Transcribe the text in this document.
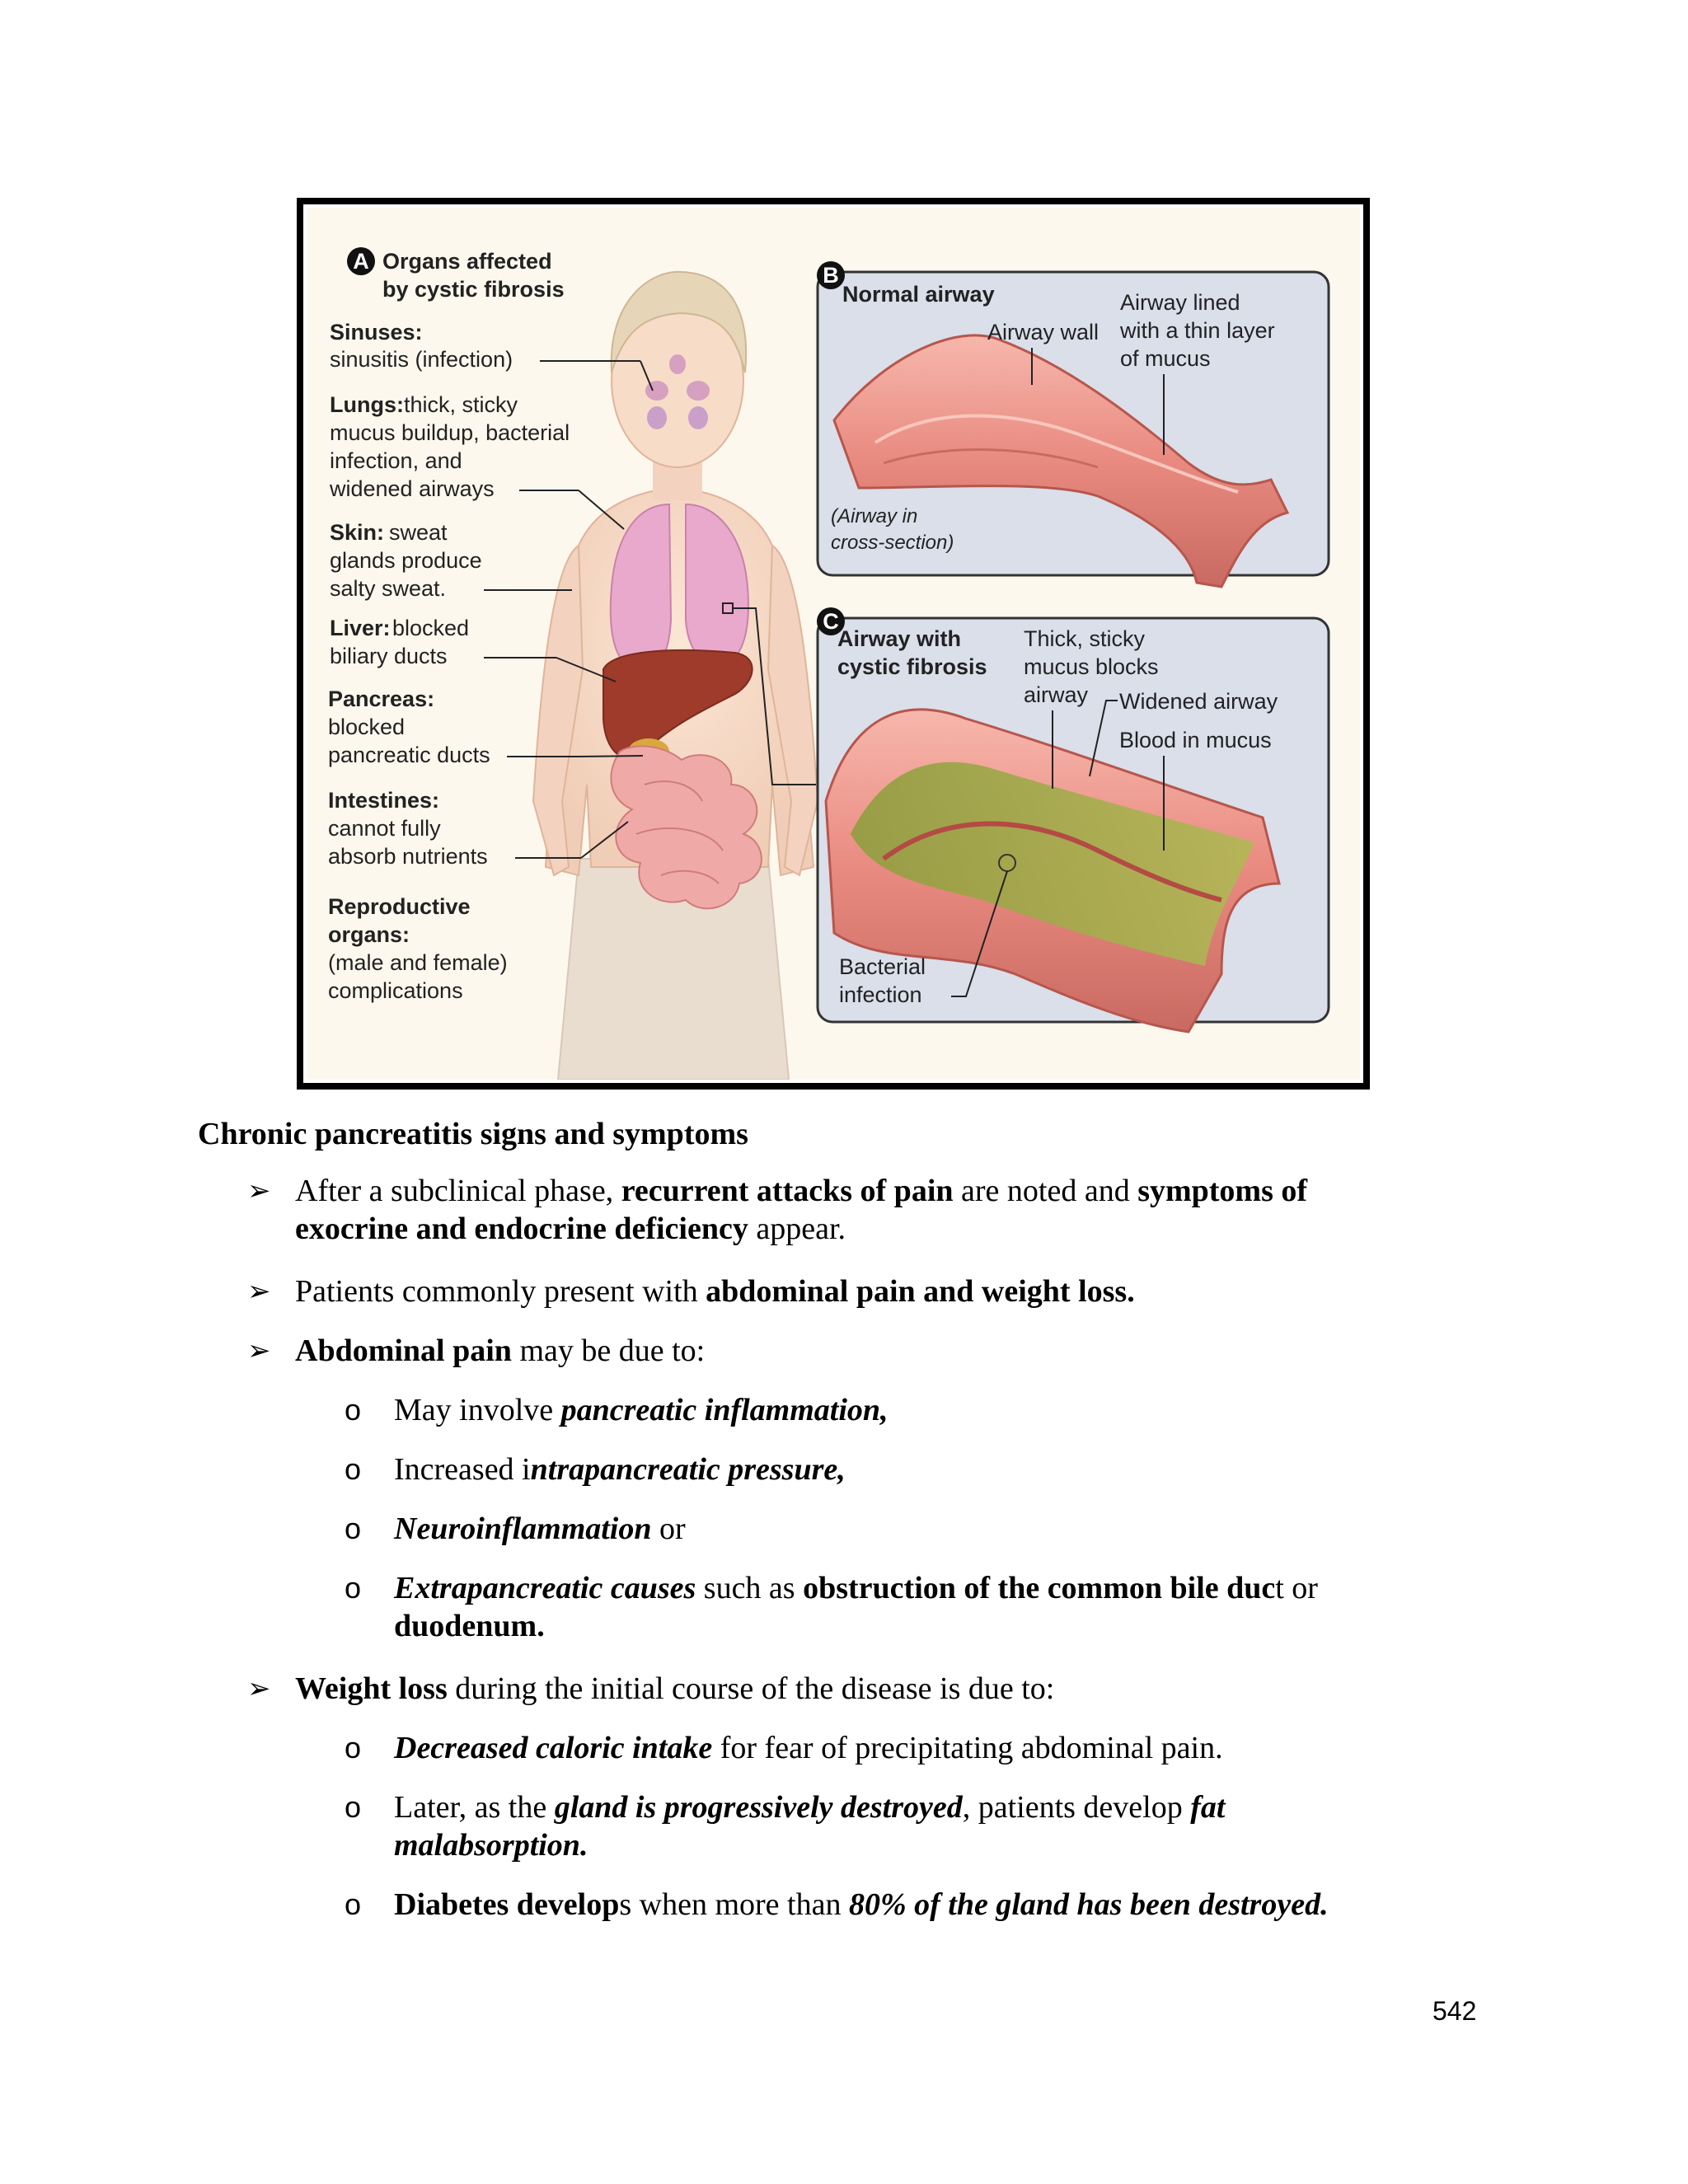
A Organs affected
by cystic fibrosis
Sinuses:
sinusitis (infection)
Lungs: thick, sticky
mucus buildup, bacterial
infection, and
widened airways
Skin: sweat
glands produce
salty sweat.
Liver: blocked
biliary ducts
Pancreas:
blocked
pancreatic ducts
Intestines:
cannot fully
absorb nutrients
Reproductive
organs:
(male and female)
complications
B
Normal airway
Airway wall
Airway lined
with a thin layer
of mucus
(Airway in
cross-section)
C
Airway with
cystic fibrosis
Thick, sticky
mucus blocks
airway Widened airway
Blood in mucus
Bacterial
infection
Chronic pancreatitis signs and symptoms
➢ After a subclinical phase, recurrent attacks of pain are noted and symptoms of exocrine and endocrine deficiency appear.
➢ Patients commonly present with abdominal pain and weight loss.
➢ Abdominal pain may be due to:
o May involve pancreatic inflammation,
o Increased intrapancreatic pressure,
o Neuroinflammation or
o Extrapancreatic causes such as obstruction of the common bile duct or duodenum.
➢ Weight loss during the initial course of the disease is due to:
o Decreased caloric intake for fear of precipitating abdominal pain.
o Later, as the gland is progressively destroyed, patients develop fat malabsorption.
o Diabetes develops when more than 80% of the gland has been destroyed.
542
